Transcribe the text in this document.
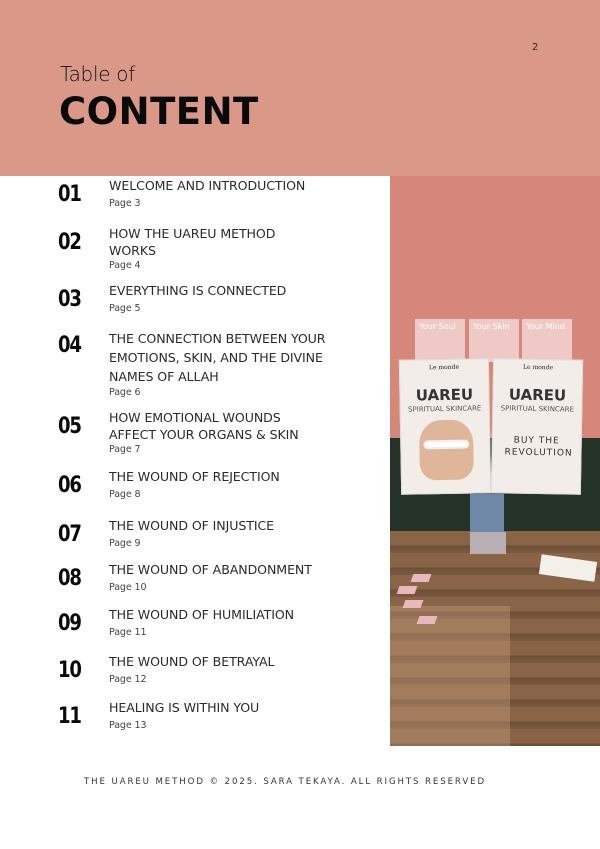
2
Table of
CONTENT
01	WELCOME AND INTRODUCTION
Page 3
02	HOW THE UAREU METHOD WORKS
Page 4
03	EVERYTHING IS CONNECTED
Page 5
04	THE CONNECTION BETWEEN YOUR EMOTIONS, SKIN, AND THE DIVINE NAMES OF ALLAH
Page 6
05	HOW EMOTIONAL WOUNDS AFFECT YOUR ORGANS & SKIN
Page 7
06	THE WOUND OF REJECTION
Page 8
07	THE WOUND OF INJUSTICE
Page 9
08	THE WOUND OF ABANDONMENT
Page 10
09	THE WOUND OF HUMILIATION
Page 11
10	THE WOUND OF BETRAYAL
Page 12
11	HEALING IS WITHIN YOU
Page 13
Your Soul Your Skin Your Mind
Le monde
UAREU
SPIRITUAL SKINCARE
Le monde
UAREU
SPIRITUAL SKINCARE
BUY THE REVOLUTION
THE UAREU METHOD © 2025. SARA TEKAYA. ALL RIGHTS RESERVED
